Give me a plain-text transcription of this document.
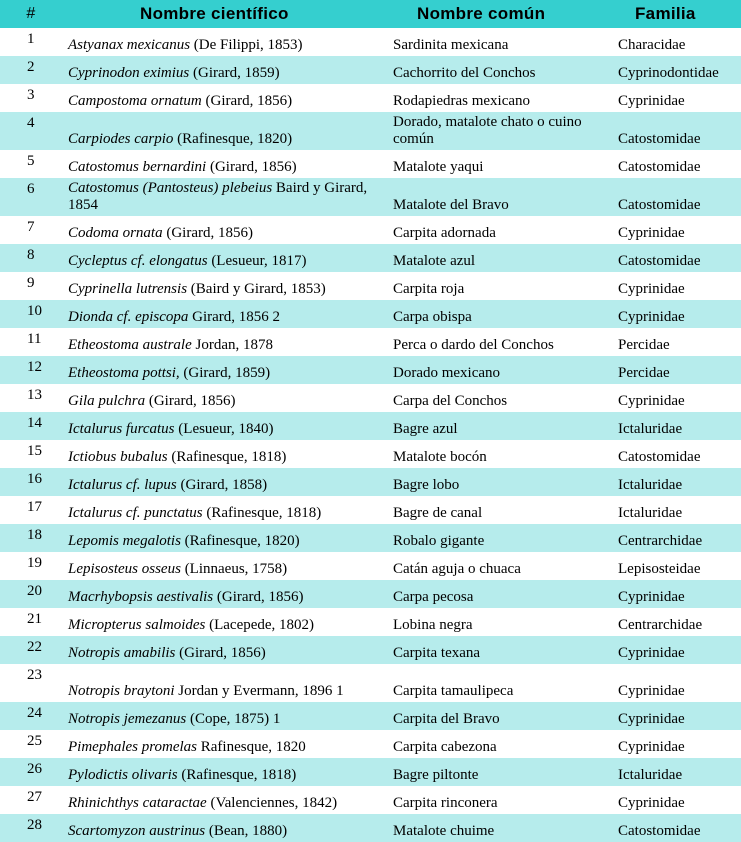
#	Nombre científico	Nombre común	Familia
1	Astyanax mexicanus (De Filippi, 1853)	Sardinita mexicana	Characidae
2	Cyprinodon eximius (Girard, 1859)	Cachorrito del Conchos	Cyprinodontidae
3	Campostoma ornatum (Girard, 1856)	Rodapiedras mexicano	Cyprinidae
4	Carpiodes carpio (Rafinesque, 1820)	Dorado, matalote chato o cuino común	Catostomidae
5	Catostomus bernardini (Girard, 1856)	Matalote yaqui	Catostomidae
6	Catostomus (Pantosteus) plebeius Baird y Girard, 1854	Matalote del Bravo	Catostomidae
7	Codoma ornata (Girard, 1856)	Carpita adornada	Cyprinidae
8	Cycleptus cf. elongatus (Lesueur, 1817)	Matalote azul	Catostomidae
9	Cyprinella lutrensis (Baird y Girard, 1853)	Carpita roja	Cyprinidae
10	Dionda cf. episcopa Girard, 1856 2	Carpa obispa	Cyprinidae
11	Etheostoma australe Jordan, 1878	Perca o dardo del Conchos	Percidae
12	Etheostoma pottsi, (Girard, 1859)	Dorado mexicano	Percidae
13	Gila pulchra (Girard, 1856)	Carpa del Conchos	Cyprinidae
14	Ictalurus furcatus (Lesueur, 1840)	Bagre azul	Ictaluridae
15	Ictiobus bubalus (Rafinesque, 1818)	Matalote bocón	Catostomidae
16	Ictalurus cf. lupus (Girard, 1858)	Bagre lobo	Ictaluridae
17	Ictalurus cf. punctatus (Rafinesque, 1818)	Bagre de canal	Ictaluridae
18	Lepomis megalotis (Rafinesque, 1820)	Robalo gigante	Centrarchidae
19	Lepisosteus osseus (Linnaeus, 1758)	Catán aguja o chuaca	Lepisosteidae
20	Macrhybopsis aestivalis (Girard, 1856)	Carpa pecosa	Cyprinidae
21	Micropterus salmoides (Lacepede, 1802)	Lobina negra	Centrarchidae
22	Notropis amabilis (Girard, 1856)	Carpita texana	Cyprinidae
23	Notropis braytoni Jordan y Evermann, 1896 1	Carpita tamaulipeca	Cyprinidae
24	Notropis jemezanus (Cope, 1875) 1	Carpita del Bravo	Cyprinidae
25	Pimephales promelas Rafinesque, 1820	Carpita cabezona	Cyprinidae
26	Pylodictis olivaris (Rafinesque, 1818)	Bagre piltonte	Ictaluridae
27	Rhinichthys cataractae (Valenciennes, 1842)	Carpita rinconera	Cyprinidae
28	Scartomyzon austrinus (Bean, 1880)	Matalote chuime	Catostomidae
